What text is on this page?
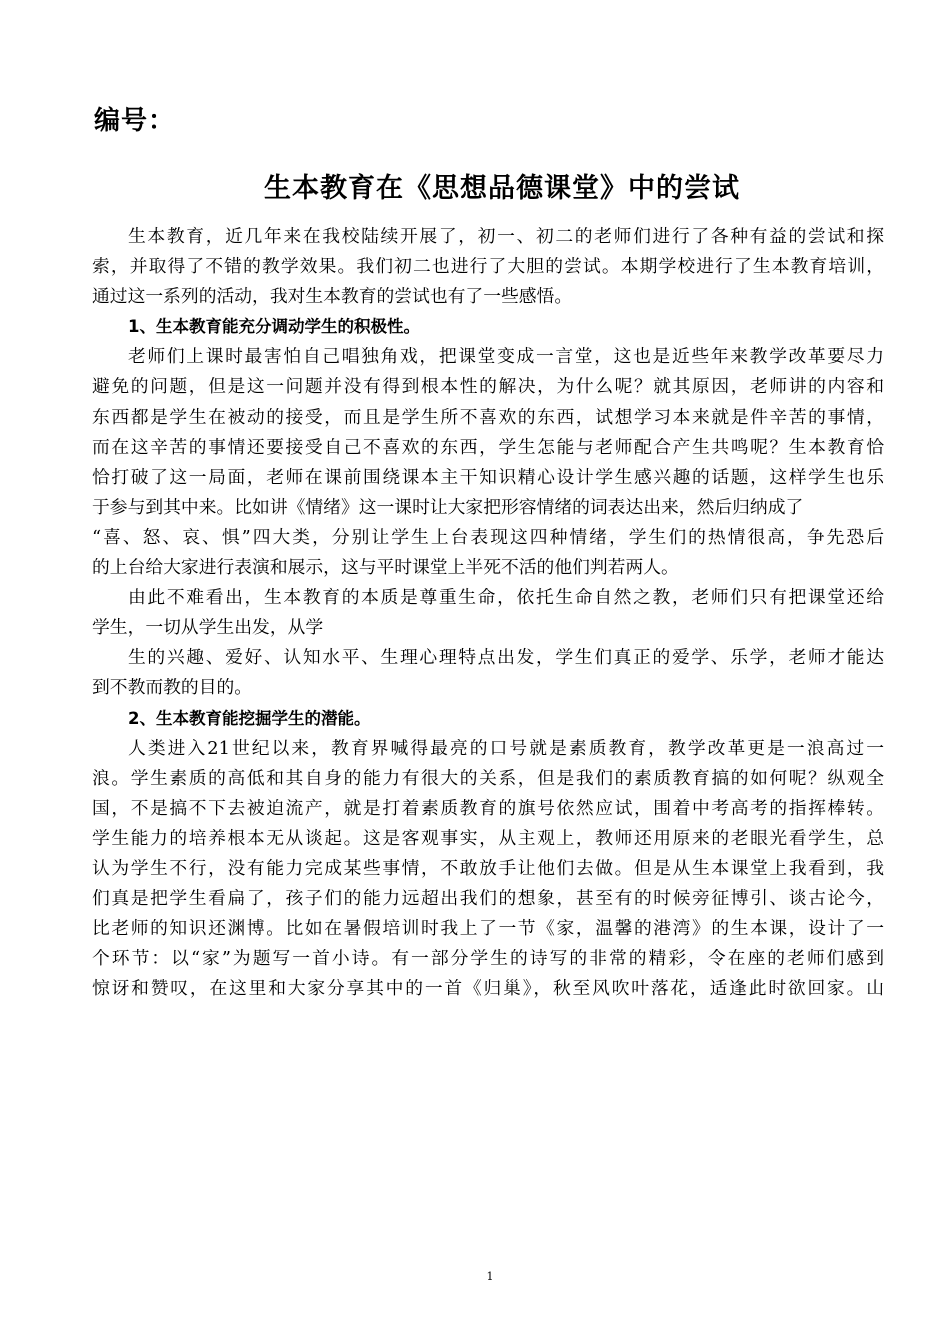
编号：
生本教育在《思想品德课堂》中的尝试
生本教育，近几年来在我校陆续开展了，初一、初二的老师们进行了各种有益的尝试和探
索，并取得了不错的教学效果。我们初二也进行了大胆的尝试。本期学校进行了生本教育培训，
通过这一系列的活动，我对生本教育的尝试也有了一些感悟。
1、生本教育能充分调动学生的积极性。
老师们上课时最害怕自己唱独角戏，把课堂变成一言堂，这也是近些年来教学改革要尽力
避免的问题，但是这一问题并没有得到根本性的解决，为什么呢？就其原因，老师讲的内容和
东西都是学生在被动的接受，而且是学生所不喜欢的东西，试想学习本来就是件辛苦的事情，
而在这辛苦的事情还要接受自己不喜欢的东西，学生怎能与老师配合产生共鸣呢？生本教育恰
恰打破了这一局面，老师在课前围绕课本主干知识精心设计学生感兴趣的话题，这样学生也乐
于参与到其中来。比如讲《情绪》这一课时让大家把形容情绪的词表达出来，然后归纳成了
“喜、怒、哀、惧”四大类，分别让学生上台表现这四种情绪，学生们的热情很高，争先恐后
的上台给大家进行表演和展示，这与平时课堂上半死不活的他们判若两人。
由此不难看出，生本教育的本质是尊重生命，依托生命自然之教，老师们只有把课堂还给
学生，一切从学生出发，从学
生的兴趣、爱好、认知水平、生理心理特点出发，学生们真正的爱学、乐学，老师才能达
到不教而教的目的。
2、生本教育能挖掘学生的潜能。
人类进入21世纪以来，教育界喊得最亮的口号就是素质教育，教学改革更是一浪高过一
浪。学生素质的高低和其自身的能力有很大的关系，但是我们的素质教育搞的如何呢？纵观全
国，不是搞不下去被迫流产，就是打着素质教育的旗号依然应试，围着中考高考的指挥棒转。
学生能力的培养根本无从谈起。这是客观事实，从主观上，教师还用原来的老眼光看学生，总
认为学生不行，没有能力完成某些事情，不敢放手让他们去做。但是从生本课堂上我看到，我
们真是把学生看扁了，孩子们的能力远超出我们的想象，甚至有的时候旁征博引、谈古论今，
比老师的知识还渊博。比如在暑假培训时我上了一节《家，温馨的港湾》的生本课，设计了一
个环节：以“家”为题写一首小诗。有一部分学生的诗写的非常的精彩，令在座的老师们感到
惊讶和赞叹，在这里和大家分享其中的一首《归巢》，秋至风吹叶落花，适逢此时欲回家。山
1
